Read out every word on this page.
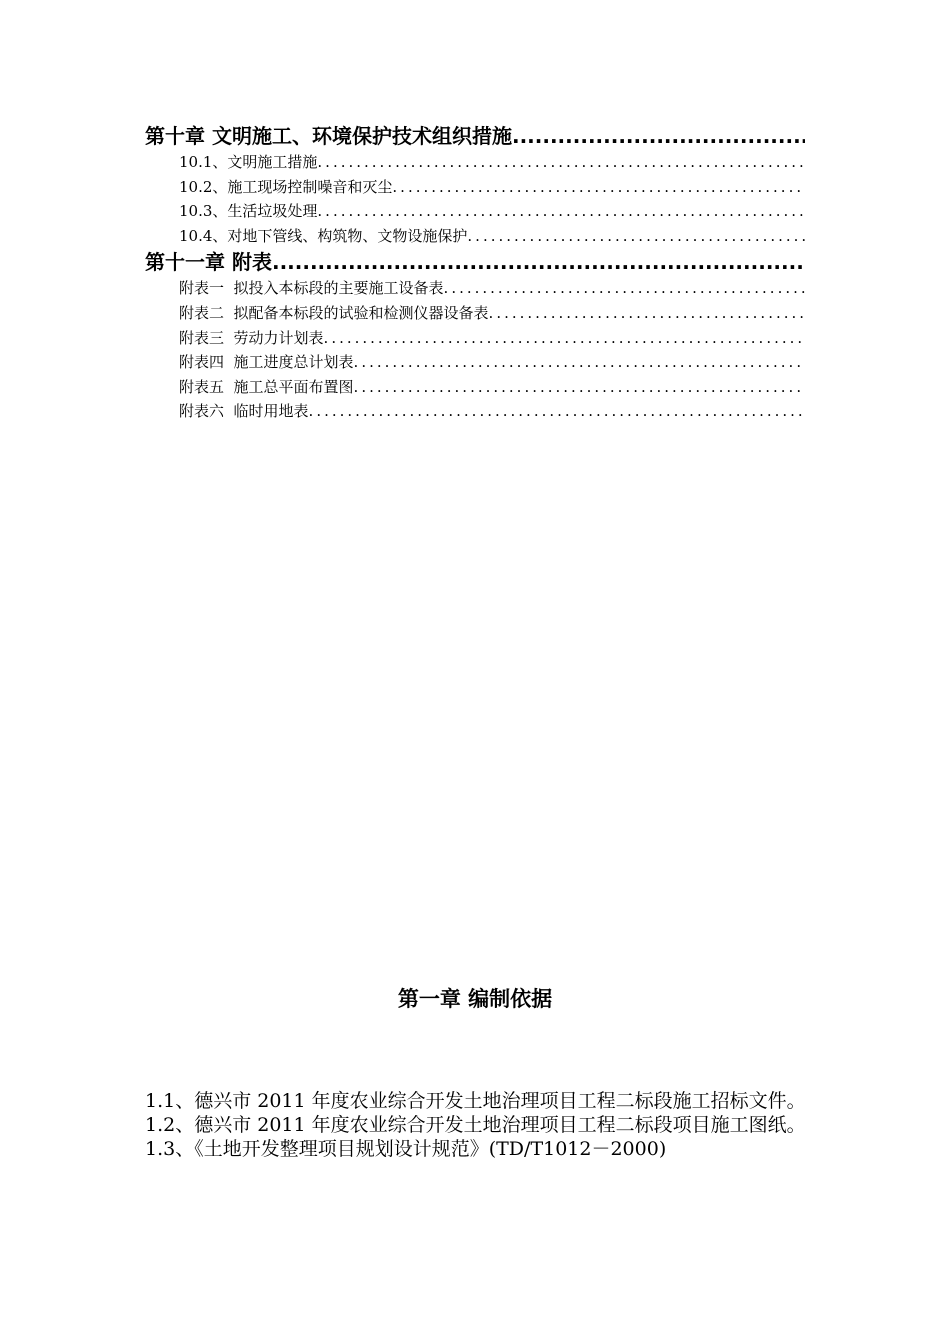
第十章 文明施工、环境保护技术组织措施
.....
10.1、文明施工措施
.....
10.2、施工现场控制噪音和灭尘
.....
10.3、生活垃圾处理
.....
10.4、对地下管线、构筑物、文物设施保护
.....
第十一章 附表
.....
附表一  拟投入本标段的主要施工设备表
.....
附表二  拟配备本标段的试验和检测仪器设备表
.....
附表三  劳动力计划表
.....
附表四  施工进度总计划表
.....
附表五  施工总平面布置图
.....
附表六  临时用地表
.....
第一章 编制依据

1.1、德兴市 2011 年度农业综合开发土地治理项目工程二标段施工招标文件。

1.2、德兴市 2011 年度农业综合开发土地治理项目工程二标段项目施工图纸。

1.3、《土地开发整理项目规划设计规范》(TD/T1012－2000)
